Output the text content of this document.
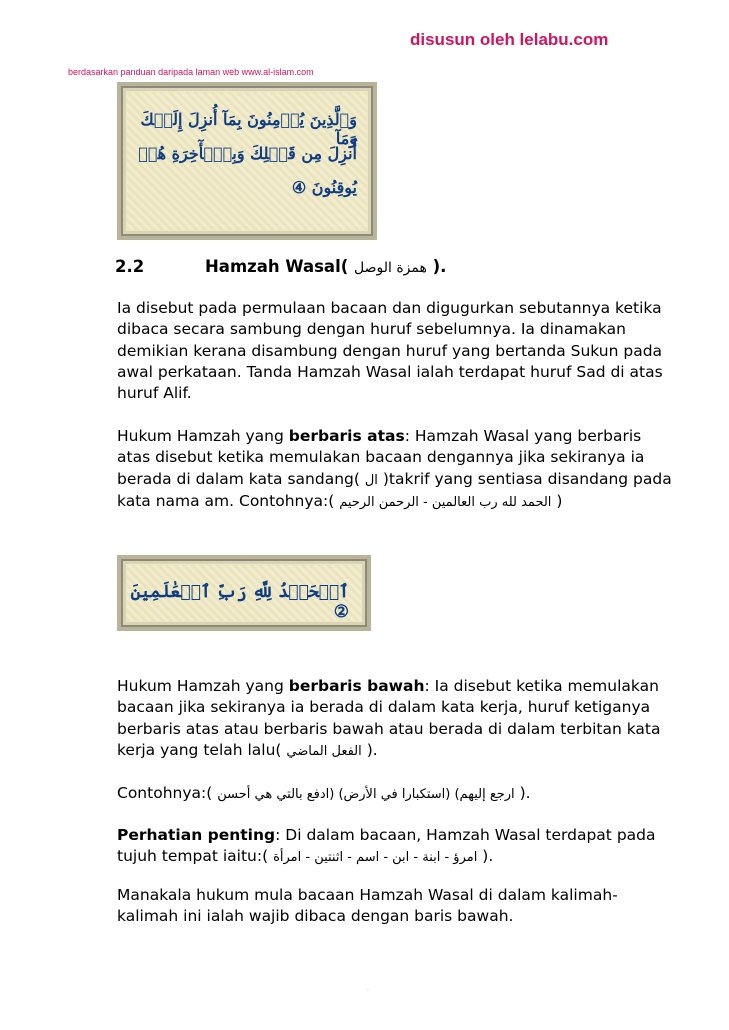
disusun oleh lelabu.com
berdasarkan panduan daripada laman web www.al-islam.com
وَٱلَّذِينَ يُؤۡمِنُونَ بِمَآ أُنزِلَ إِلَيۡكَ وَمَآ
أُنزِلَ مِن قَبۡلِكَ وَبِٱلۡأٓخِرَةِ هُمۡ
يُوقِنُونَ ④
2.2	Hamzah Wasal( همزة الوصل ).
Ia disebut pada permulaan bacaan dan digugurkan sebutannya ketika dibaca secara sambung dengan huruf sebelumnya. Ia dinamakan demikian kerana disambung dengan huruf yang bertanda Sukun pada awal perkataan. Tanda Hamzah Wasal ialah terdapat huruf Sad di atas huruf Alif.
Hukum Hamzah yang berbaris atas: Hamzah Wasal yang berbaris atas disebut ketika memulakan bacaan dengannya jika sekiranya ia berada di dalam kata sandang( ال )takrif yang sentiasa disandang pada kata nama am. Contohnya:( الحمد لله رب العالمين - الرحمن الرحيم )
ٱلۡحَمۡدُ لِلَّهِ رَبِّ ٱلۡعَٰلَمِينَ ②
Hukum Hamzah yang berbaris bawah: Ia disebut ketika memulakan bacaan jika sekiranya ia berada di dalam kata kerja, huruf ketiganya berbaris atas atau berbaris bawah atau berada di dalam terbitan kata kerja yang telah lalu( الفعل الماضي ).
Contohnya:( ارجع إليهم) (استكبارا في الأرض) (ادفع بالتي هي أحسن ).
Perhatian penting: Di dalam bacaan, Hamzah Wasal terdapat pada tujuh tempat iaitu:( امرؤ - ابنة - ابن - اسم - اثنتين - امرأة ).
Manakala hukum mula bacaan Hamzah Wasal di dalam kalimah-kalimah ini ialah wajib dibaca dengan baris bawah.
.
